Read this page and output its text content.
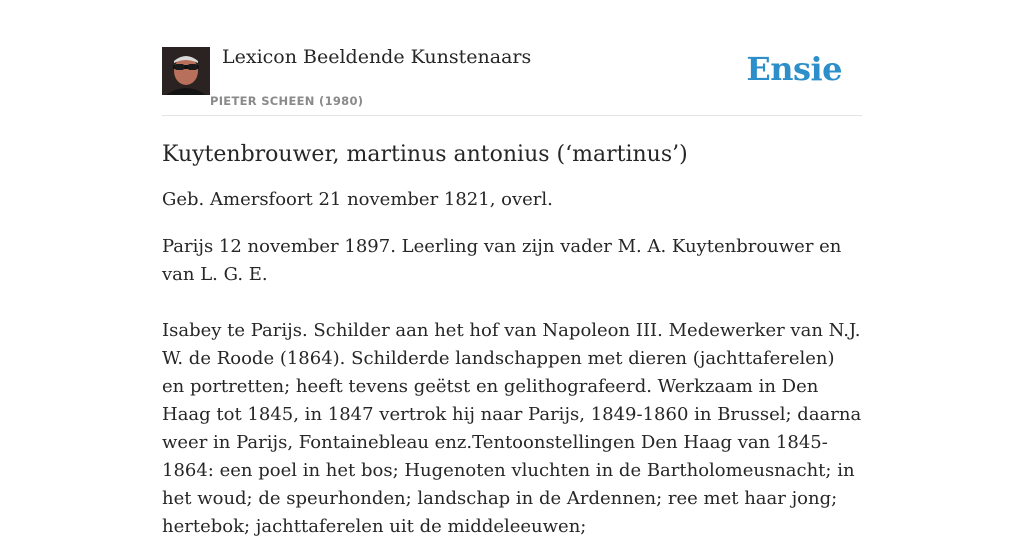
Lexicon Beeldende Kunstenaars
PIETER SCHEEN (1980)
Ensie
Kuytenbrouwer, martinus antonius (‘martinus’)

Geb. Amersfoort 21 november 1821, overl.

Parijs 12 november 1897. Leerling van zijn vader M. A. Kuytenbrouwer en van L. G. E.

Isabey te Parijs. Schilder aan het hof van Napoleon III. Medewerker van N.J. W. de Roode (1864). Schilderde landschappen met dieren (jachttaferelen) en portretten; heeft tevens geëtst en gelithografeerd. Werkzaam in Den Haag tot 1845, in 1847 vertrok hij naar Parijs, 1849-1860 in Brussel; daarna weer in Parijs, Fontainebleau enz.Tentoonstellingen Den Haag van 1845-1864: een poel in het bos; Hugenoten vluchten in de Bartholomeusnacht; in het woud; de speurhonden; landschap in de Ardennen; ree met haar jong; hertebok; jachttaferelen uit de middeleeuwen;
